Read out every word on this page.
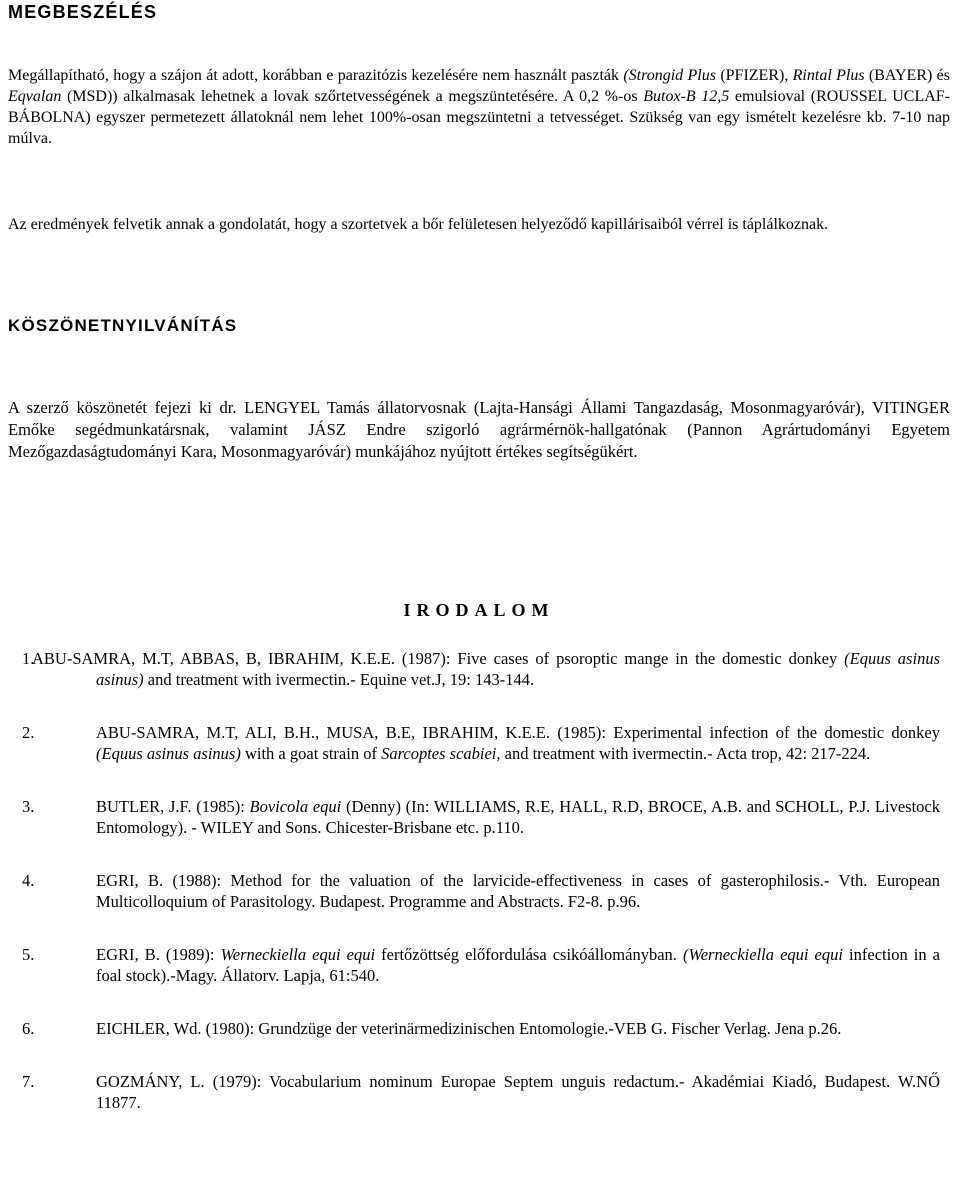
MEGBESZÉLÉS

Megállapítható, hogy a szájon át adott, korábban e parazitózis kezelésére nem használt paszták (Strongid Plus (PFIZER), Rintal Plus (BAYER) és Eqvalan (MSD)) alkalmasak lehetnek a lovak szőrtetvességének a megszüntetésére. A 0,2 %-os Butox-B 12,5 emulsioval (ROUSSEL UCLAF-BÁBOLNA) egyszer permetezett állatoknál nem lehet 100%-osan megszüntetni a tetvességet. Szükség van egy ismételt kezelésre kb. 7-10 nap múlva.

Az eredmények felvetik annak a gondolatát, hogy a szortetvek a bőr felületesen helyeződő kapillárisaiból vérrel is táplálkoznak.

KÖSZÖNETNYILVÁNÍTÁS

A szerző köszönetét fejezi ki dr. LENGYEL Tamás állatorvosnak (Lajta-Hansági Állami Tangazdaság, Mosonmagyaróvár), VITINGER Emőke segédmunkatársnak, valamint JÁSZ Endre szigorló agrármérnök-hallgatónak (Pannon Agrártudományi Egyetem Mezőgazdaságtudományi Kara, Mosonmagyaróvár) munkájához nyújtott értékes segítségükért.

IRODALOM
1.
ABU-SAMRA, M.T, ABBAS, B, IBRAHIM, K.E.E. (1987): Five cases of psoroptic mange in the domestic donkey (Equus asinus asinus) and treatment with ivermectin.- Equine vet.J, 19: 143-144.
2.	ABU-SAMRA, M.T, ALI, B.H., MUSA, B.E, IBRAHIM, K.E.E. (1985): Experimental infection of the domestic donkey (Equus asinus asinus) with a goat strain of Sarcoptes scabiei, and treatment with ivermectin.- Acta trop, 42: 217-224.
3.	BUTLER, J.F. (1985): Bovicola equi (Denny) (In: WILLIAMS, R.E, HALL, R.D, BROCE, A.B. and SCHOLL, P.J. Livestock Entomology). - WILEY and Sons. Chicester-Brisbane etc. p.110.
4.	EGRI, B. (1988): Method for the valuation of the larvicide-effectiveness in cases of gasterophilosis.- Vth. European Multicolloquium of Parasitology. Budapest. Programme and Abstracts. F2-8. p.96.
5.	EGRI, B. (1989): Werneckiella equi equi fertőzöttség előfordulása csikóállományban. (Werneckiella equi equi infection in a foal stock).-Magy. Állatorv. Lapja, 61:540.
6.	EICHLER, Wd. (1980): Grundzüge der veterinärmedizinischen Entomologie.-VEB G. Fischer Verlag. Jena p.26.
7.	GOZMÁNY, L. (1979): Vocabularium nominum Europae Septem unguis redactum.- Akadémiai Kiadó, Budapest. W.NŐ 11877.
